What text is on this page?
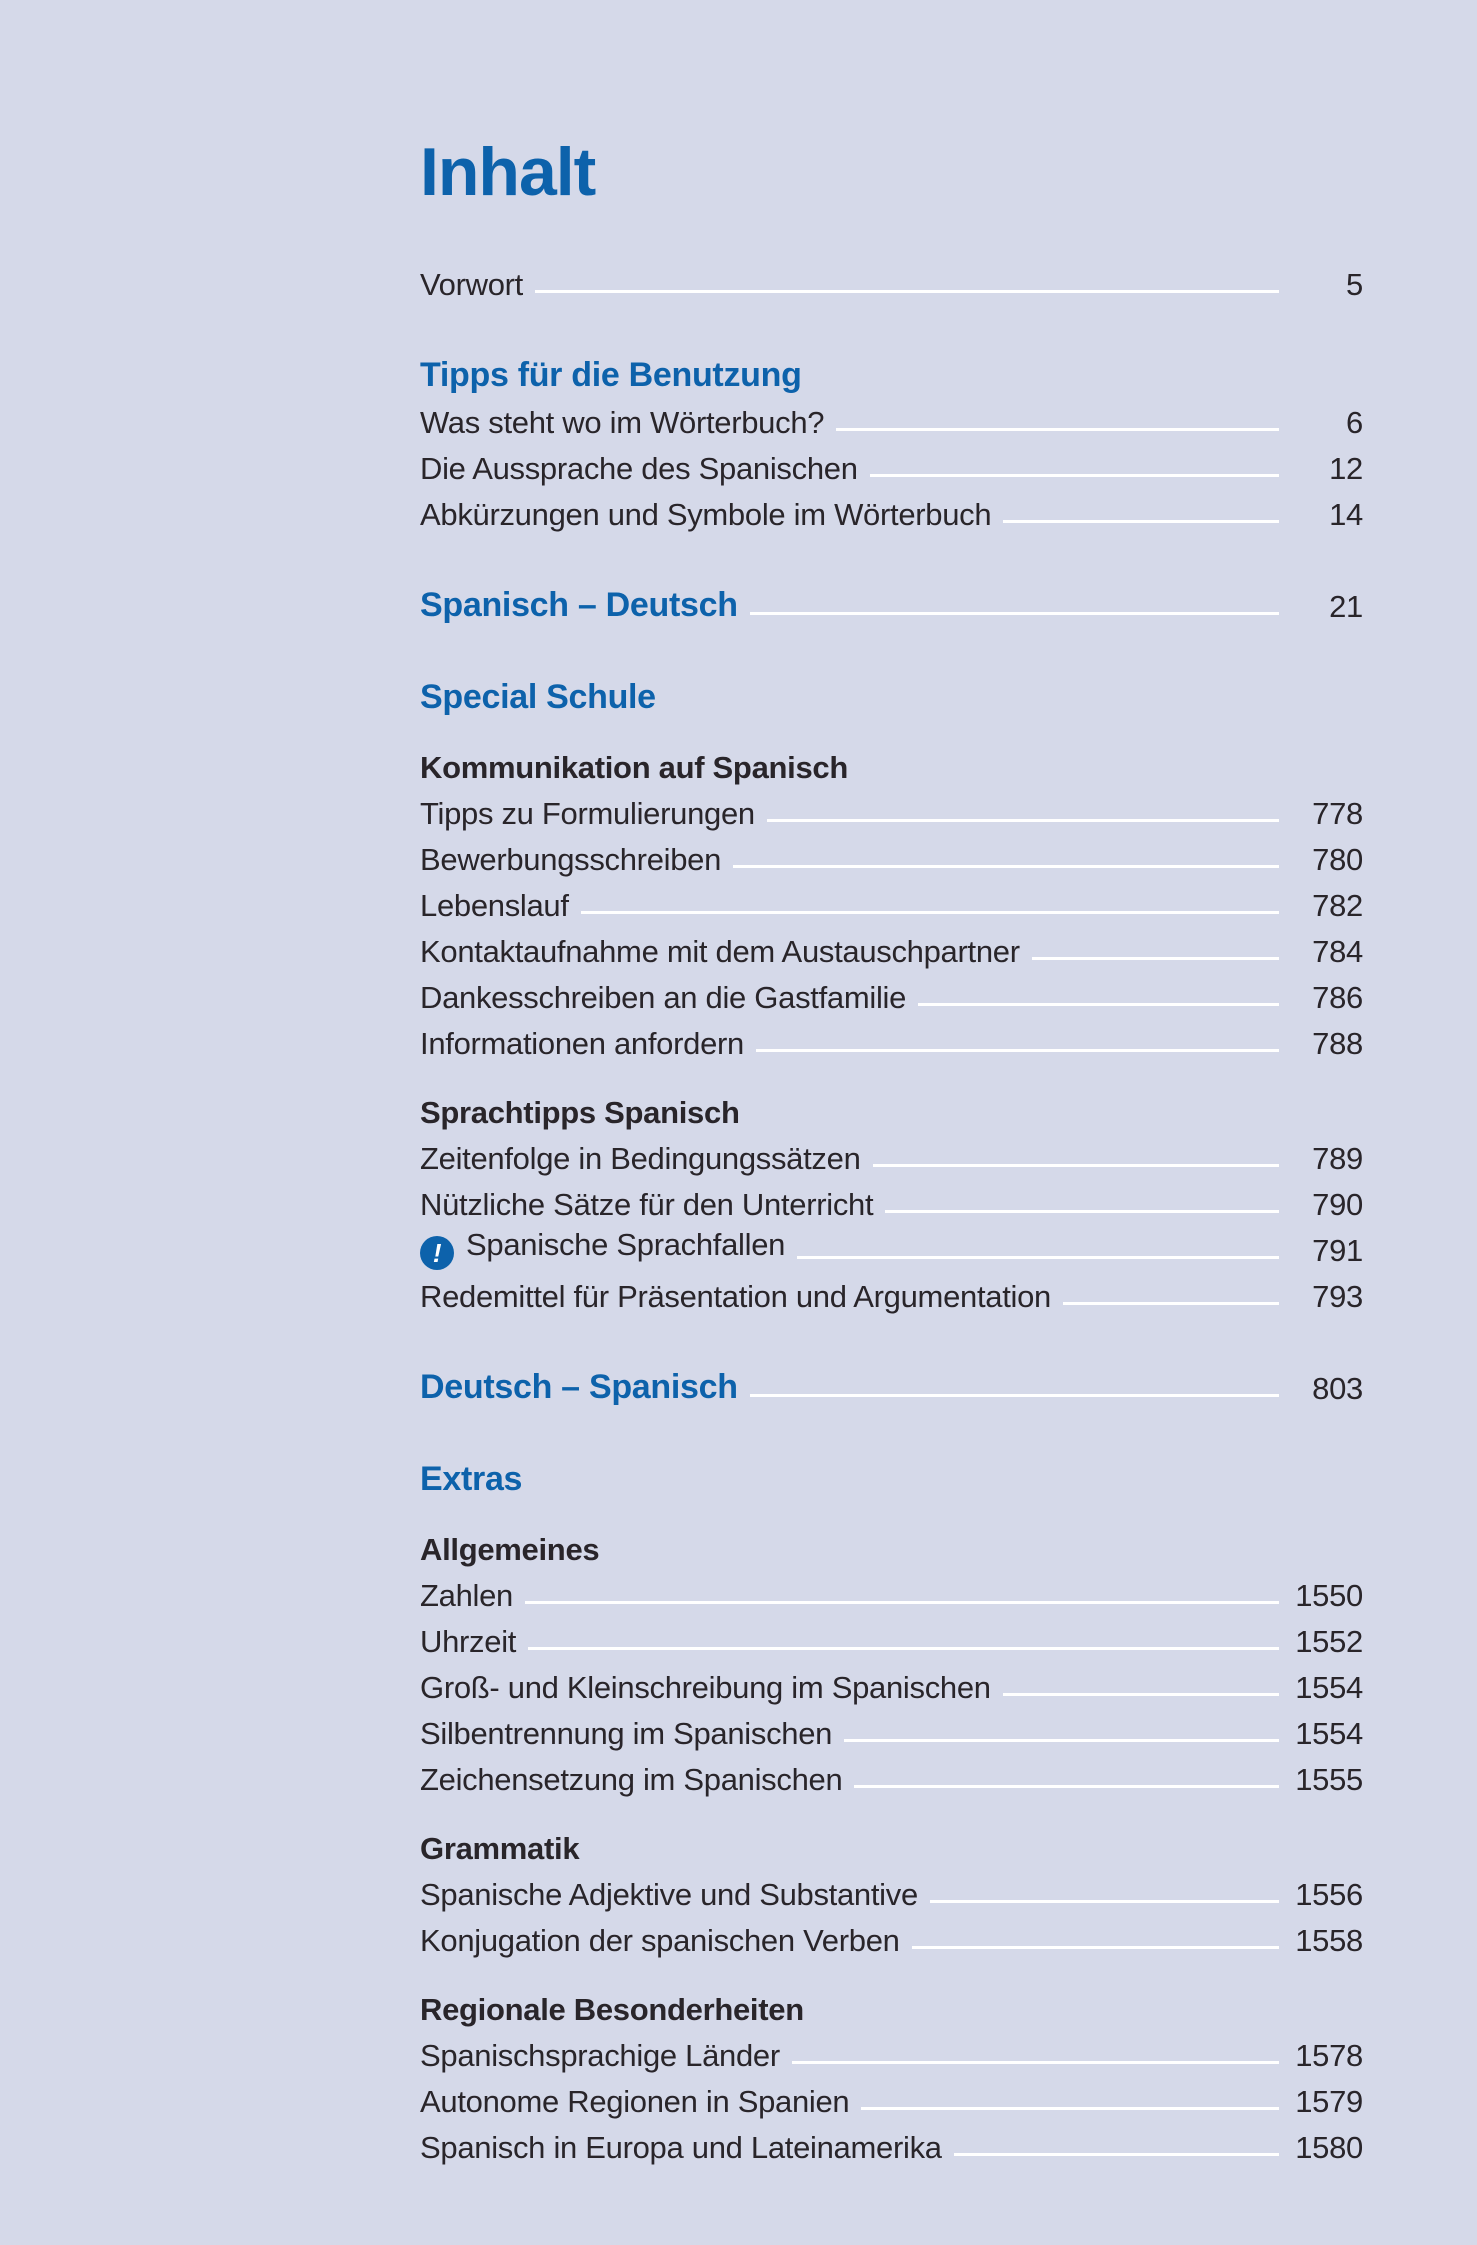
Inhalt
Vorwort	5
Tipps für die Benutzung
Was steht wo im Wörterbuch?	6
Die Aussprache des Spanischen	12
Abkürzungen und Symbole im Wörterbuch	14
Spanisch – Deutsch	21
Special Schule
Kommunikation auf Spanisch
Tipps zu Formulierungen	778
Bewerbungsschreiben	780
Lebenslauf	782
Kontaktaufnahme mit dem Austauschpartner	784
Dankesschreiben an die Gastfamilie	786
Informationen anfordern	788
Sprachtipps Spanisch
Zeitenfolge in Bedingungssätzen	789
Nützliche Sätze für den Unterricht	790
! Spanische Sprachfallen	791
Redemittel für Präsentation und Argumentation	793
Deutsch – Spanisch	803
Extras
Allgemeines
Zahlen	1550
Uhrzeit	1552
Groß- und Kleinschreibung im Spanischen	1554
Silbentrennung im Spanischen	1554
Zeichensetzung im Spanischen	1555
Grammatik
Spanische Adjektive und Substantive	1556
Konjugation der spanischen Verben	1558
Regionale Besonderheiten
Spanischsprachige Länder	1578
Autonome Regionen in Spanien	1579
Spanisch in Europa und Lateinamerika	1580
